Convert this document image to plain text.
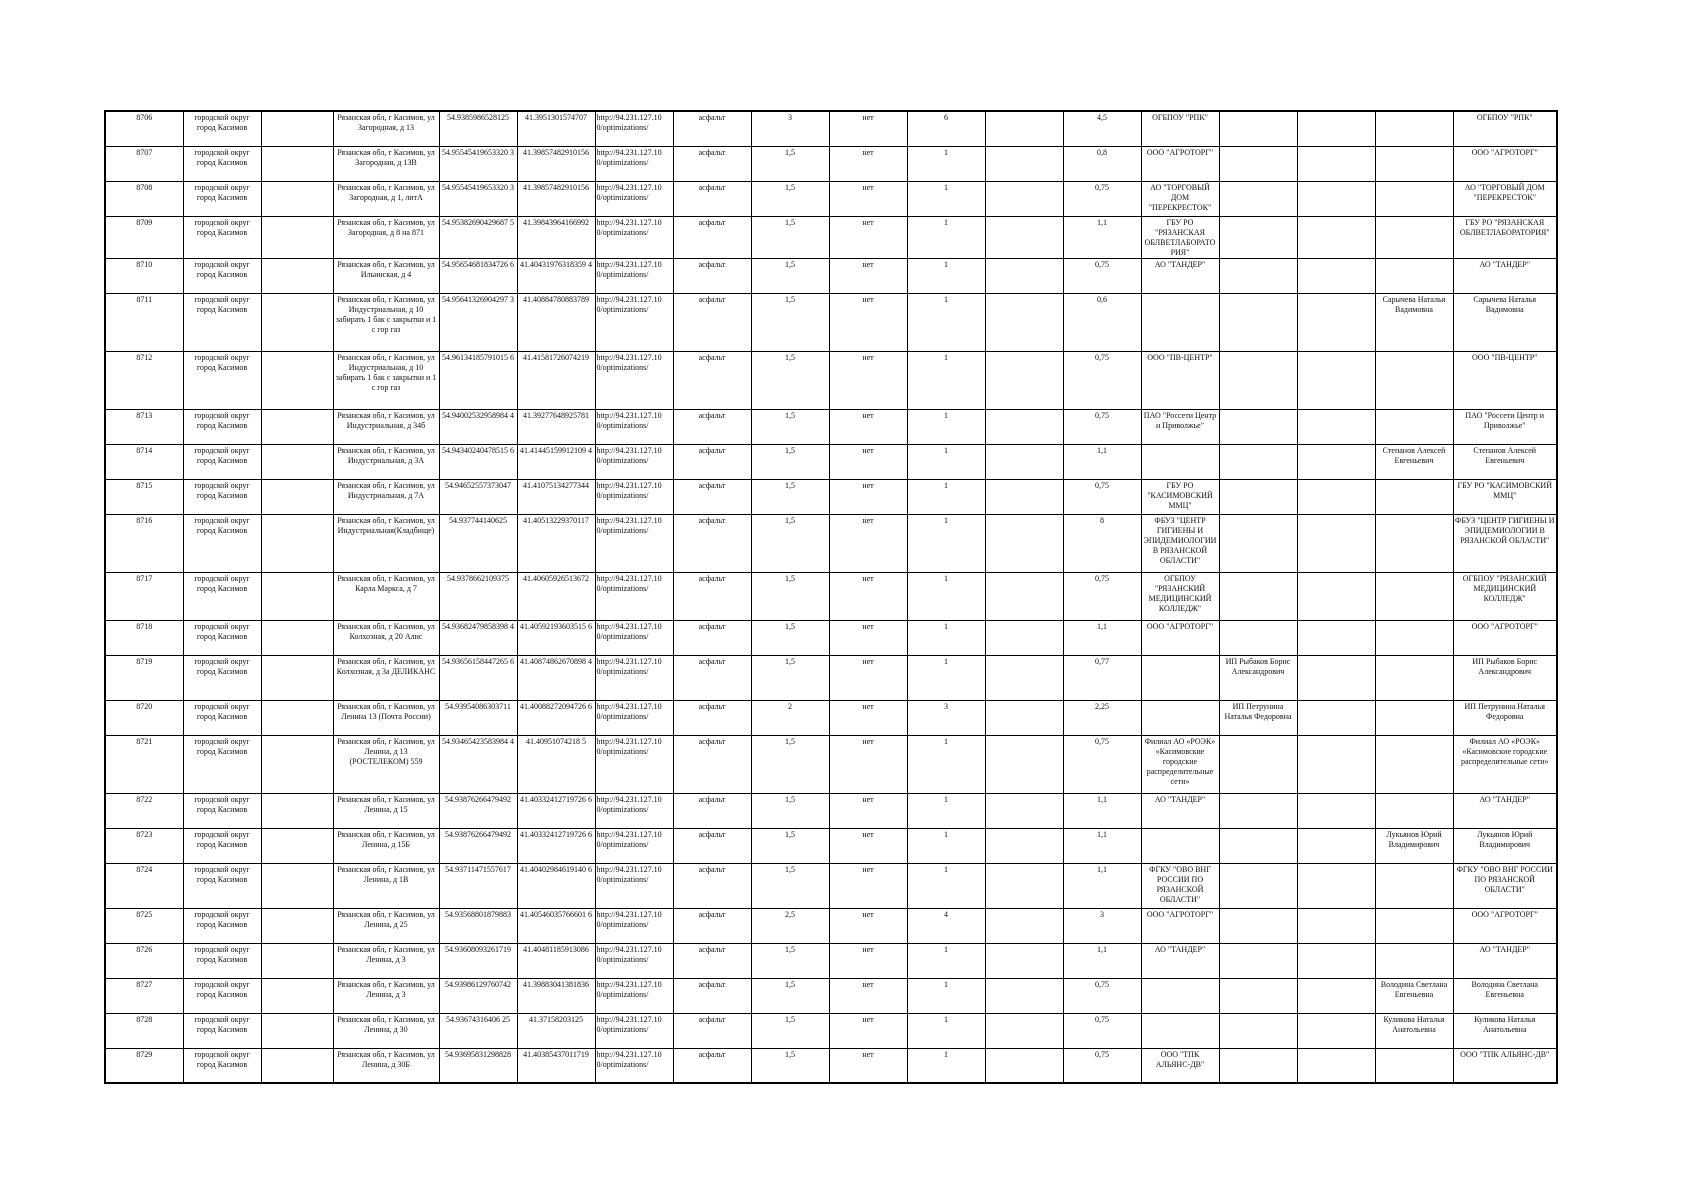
8706	городской округ город Касимов		Рязанская обл, г Касимов, ул Загородная, д 13	54.9385986528125	41.3951301574707	http://94.231.127.10 0/optimizations/	асфальт	3	нет	6		4,5	ОГБПОУ "РПК"				ОГБПОУ "РПК"
8707	городской округ город Касимов		Рязанская обл, г Касимов, ул Загородная, д 13В	54.95545419653320 3	41.39857482910156	http://94.231.127.10 0/optimizations/	асфальт	1,5	нет	1		0,8	ООО "АГРОТОРГ"				ООО "АГРОТОРГ"
8708	городской округ город Касимов		Рязанская обл, г Касимов, ул Загородная, д 1, литА	54.95545419653320 3	41.39857482910156	http://94.231.127.10 0/optimizations/	асфальт	1,5	нет	1		0,75	АО "ТОРГОВЫЙ ДОМ "ПЕРЕКРЕСТОК"				АО "ТОРГОВЫЙ ДОМ "ПЕРЕКРЕСТОК"
8709	городской округ город Касимов		Рязанская обл, г Касимов, ул Загородная, д 8 на 871	54.95382690429687 5	41.39843964166992	http://94.231.127.10 0/optimizations/	асфальт	1,5	нет	1		1,1	ГБУ РО "РЯЗАНСКАЯ ОБЛВЕТЛАБОРАТОРИЯ"				ГБУ РО "РЯЗАНСКАЯ ОБЛВЕТЛАБОРАТОРИЯ"
8710	городской округ город Касимов		Рязанская обл, г Касимов, ул Ильинская, д 4	54.95654681834726 6	41.40431976318359 4	http://94.231.127.10 0/optimizations/	асфальт	1,5	нет	1		0,75	АО "ТАНДЕР"				АО "ТАНДЕР"
8711	городской округ город Касимов		Рязанская обл, г Касимов, ул Индустриальная, д 10 забирать 1 бак с закрытки и 1 с гор газ	54.95641326904297 3	41.40884780883789	http://94.231.127.10 0/optimizations/	асфальт	1,5	нет	1		0,6				Сарычева Наталья Вадимовна	Сарычева Наталья Вадимовна
8712	городской округ город Касимов		Рязанская обл, г Касимов, ул Индустриальная, д 10 забирать 1 бак с закрытки и 1 с гор газ	54.96134185791015 6	41.41581726074219	http://94.231.127.10 0/optimizations/	асфальт	1,5	нет	1		0,75	ООО "ПВ-ЦЕНТР"				ООО "ПВ-ЦЕНТР"
8713	городской округ город Касимов		Рязанская обл, г Касимов, ул Индустриальная, д 34б	54.94002532958984 4	41.39277648925781	http://94.231.127.10 0/optimizations/	асфальт	1,5	нет	1		0,75	ПАО "Россети Центр и Приволжье"				ПАО "Россети Центр и Приволжье"
8714	городской округ город Касимов		Рязанская обл, г Касимов, ул Индустриальная, д 3А	54.94340240478515 6	41.41445159912109 4	http://94.231.127.10 0/optimizations/	асфальт	1,5	нет	1		1,1				Степанов Алексей Евгеньевич	Степанов Алексей Евгеньевич
8715	городской округ город Касимов		Рязанская обл, г Касимов, ул Индустриальная, д 7А	54.94652557373047	41.41075134277344	http://94.231.127.10 0/optimizations/	асфальт	1,5	нет	1		0,75	ГБУ РО "КАСИМОВСКИЙ ММЦ"				ГБУ РО "КАСИМОВСКИЙ ММЦ"
8716	городской округ город Касимов		Рязанская обл, г Касимов, ул Индустриальная(Кладбище)	54.937744140625	41.40513229370117	http://94.231.127.10 0/optimizations/	асфальт	1,5	нет	1		8	ФБУЗ "ЦЕНТР ГИГИЕНЫ И ЭПИДЕМИОЛОГИИ В РЯЗАНСКОЙ ОБЛАСТИ"				ФБУЗ "ЦЕНТР ГИГИЕНЫ И ЭПИДЕМИОЛОГИИ В РЯЗАНСКОЙ ОБЛАСТИ"
8717	городской округ город Касимов		Рязанская обл, г Касимов, ул Карла Маркса, д 7	54.9378662109375	41.40605926513672	http://94.231.127.10 0/optimizations/	асфальт	1,5	нет	1		0,75	ОГБПОУ "РЯЗАНСКИЙ МЕДИЦИНСКИЙ КОЛЛЕДЖ"				ОГБПОУ "РЯЗАНСКИЙ МЕДИЦИНСКИЙ КОЛЛЕДЖ"
8718	городской округ город Касимов		Рязанская обл, г Касимов, ул Колхозная, д 20 Алис	54.93682479858398 4	41.40592193603515 6	http://94.231.127.10 0/optimizations/	асфальт	1,5	нет	1		1,1	ООО "АГРОТОРГ"				ООО "АГРОТОРГ"
8719	городской округ город Касимов		Рязанская обл, г Касимов, ул Колхозная, д 3а ДЕЛИКАНС	54.93656158447265 6	41.40874862670898 4	http://94.231.127.10 0/optimizations/	асфальт	1,5	нет	1		0,77		ИП Рыбаков Борис Александрович			ИП Рыбаков Борис Александрович
8720	городской округ город Касимов		Рязанская обл, г Касимов, ул Ленина 13 (Почта России)	54.93954086303711	41.40088272094726 6	http://94.231.127.10 0/optimizations/	асфальт	2	нет	3		2,25		ИП Петрунина Наталья Федоровна			ИП Петрунина Наталья Федоровна
8721	городской округ город Касимов		Рязанская обл, г Касимов, ул Ленина, д 13 (РОСТЕЛЕКОМ) 559	54.93465423583984 4	41.40951074218 5	http://94.231.127.10 0/optimizations/	асфальт	1,5	нет	1		0,75	Филиал АО «РОЭК» «Касимовские городские распределительные сети»				Филиал АО «РОЭК» «Касимовские городские распределительные сети»
8722	городской округ город Касимов		Рязанская обл, г Касимов, ул Ленина, д 15	54.93876266479492	41.40332412719726 6	http://94.231.127.10 0/optimizations/	асфальт	1,5	нет	1		1,1	АО "ТАНДЕР"				АО "ТАНДЕР"
8723	городской округ город Касимов		Рязанская обл, г Касимов, ул Ленина, д 15Б	54.93876266479492	41.40332412719726 6	http://94.231.127.10 0/optimizations/	асфальт	1,5	нет	1		1,1				Лукьянов Юрий Владимирович	Лукьянов Юрий Владимирович
8724	городской округ город Касимов		Рязанская обл, г Касимов, ул Ленина, д 1В	54.93711471557617	41.40402984619140 6	http://94.231.127.10 0/optimizations/	асфальт	1,5	нет	1		1,1	ФГКУ "ОВО ВНГ РОССИИ ПО РЯЗАНСКОЙ ОБЛАСТИ"				ФГКУ "ОВО ВНГ РОССИИ ПО РЯЗАНСКОЙ ОБЛАСТИ"
8725	городской округ город Касимов		Рязанская обл, г Касимов, ул Ленина, д 25	54.93568801879883	41.40546035766601 6	http://94.231.127.10 0/optimizations/	асфальт	2,5	нет	4		3	ООО "АГРОТОРГ"				ООО "АГРОТОРГ"
8726	городской округ город Касимов		Рязанская обл, г Касимов, ул Ленина, д 3	54.93608093261719	41.40481185913086	http://94.231.127.10 0/optimizations/	асфальт	1,5	нет	1		1,1	АО "ТАНДЕР"				АО "ТАНДЕР"
8727	городской округ город Касимов		Рязанская обл, г Касимов, ул Ленина, д 3	54.93986129760742	41.39883041381836	http://94.231.127.10 0/optimizations/	асфальт	1,5	нет	1		0,75				Володина Светлана Евгеньевна	Володина Светлана Евгеньевна
8728	городской округ город Касимов		Рязанская обл, г Касимов, ул Ленина, д 30	54.93674316406 25	41.37158203125	http://94.231.127.10 0/optimizations/	асфальт	1,5	нет	1		0,75				Куликова Наталья Анатольевна	Куликова Наталья Анатольевна
8729	городской округ город Касимов		Рязанская обл, г Касимов, ул Ленина, д 30Б	54.93695831298828	41.40385437011719	http://94.231.127.10 0/optimizations/	асфальт	1,5	нет	1		0,75	ООО "ТПК АЛЬЯНС-ДВ"				ООО "ТПК АЛЬЯНС-ДВ"
